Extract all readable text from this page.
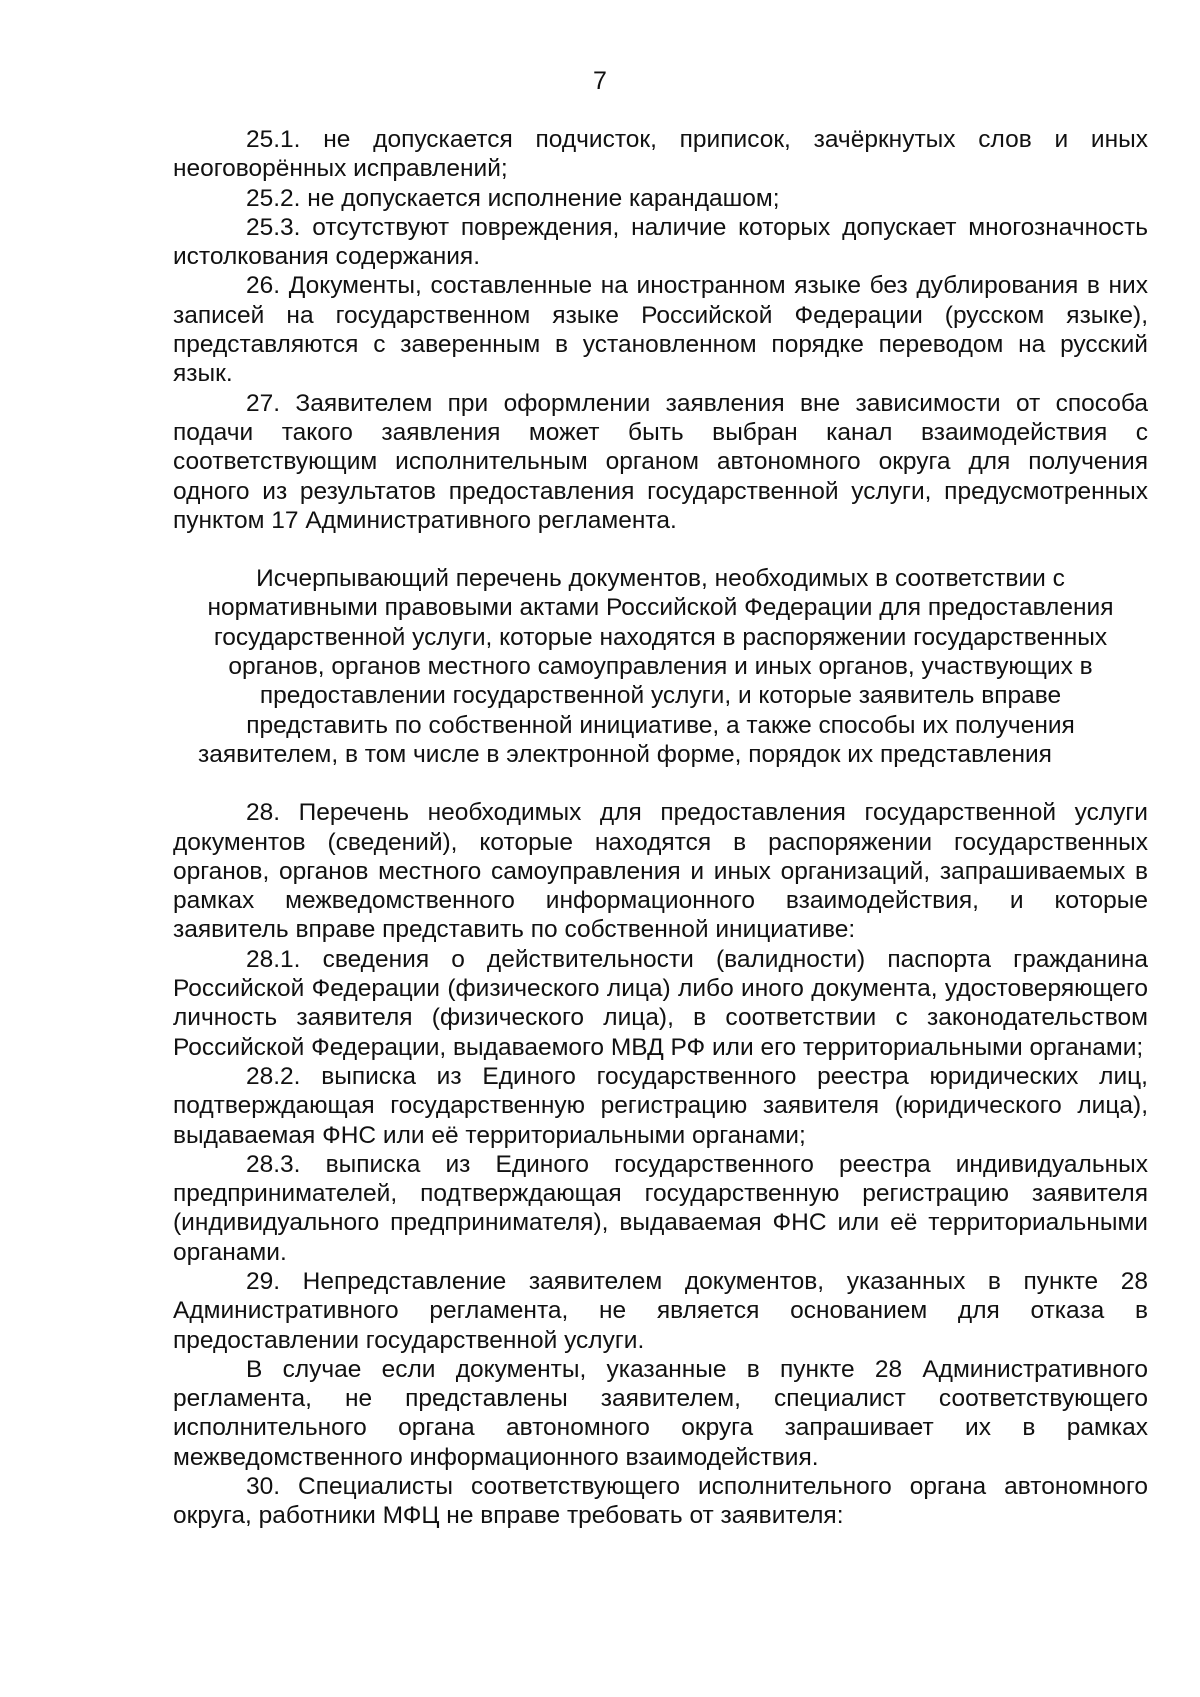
7

25.1. не допускается подчисток, приписок, зачёркнутых слов и иных неоговорённых исправлений;

25.2. не допускается исполнение карандашом;

25.3. отсутствуют повреждения, наличие которых допускает многозначность истолкования содержания.

26. Документы, составленные на иностранном языке без дублирования в них записей на государственном языке Российской Федерации (русском языке), представляются с заверенным в установленном порядке переводом на русский язык.

27. Заявителем при оформлении заявления вне зависимости от способа подачи такого заявления может быть выбран канал взаимодействия с соответствующим исполнительным органом автономного округа для получения одного из результатов предоставления государственной услуги, предусмотренных пунктом 17 Административного регламента.

Исчерпывающий перечень документов, необходимых в соответствии с нормативными правовыми актами Российской Федерации для предоставления государственной услуги, которые находятся в распоряжении государственных органов, органов местного самоуправления и иных органов, участвующих в предоставлении государственной услуги, и которые заявитель вправе представить по собственной инициативе, а также способы их получения заявителем, в том числе в электронной форме, порядок их представления

28. Перечень необходимых для предоставления государственной услуги документов (сведений), которые находятся в распоряжении государственных органов, органов местного самоуправления и иных организаций, запрашиваемых в рамках межведомственного информационного взаимодействия, и которые заявитель вправе представить по собственной инициативе:

28.1. сведения о действительности (валидности) паспорта гражданина Российской Федерации (физического лица) либо иного документа, удостоверяющего личность заявителя (физического лица), в соответствии с законодательством Российской Федерации, выдаваемого МВД РФ или его территориальными органами;

28.2. выписка из Единого государственного реестра юридических лиц, подтверждающая государственную регистрацию заявителя (юридического лица), выдаваемая ФНС или её территориальными органами;

28.3. выписка из Единого государственного реестра индивидуальных предпринимателей, подтверждающая государственную регистрацию заявителя (индивидуального предпринимателя), выдаваемая ФНС или её территориальными органами.

29. Непредставление заявителем документов, указанных в пункте 28 Административного регламента, не является основанием для отказа в предоставлении государственной услуги.

В случае если документы, указанные в пункте 28 Административного регламента, не представлены заявителем, специалист соответствующего исполнительного органа автономного округа запрашивает их в рамках межведомственного информационного взаимодействия.

30. Специалисты соответствующего исполнительного органа автономного округа, работники МФЦ не вправе требовать от заявителя:
